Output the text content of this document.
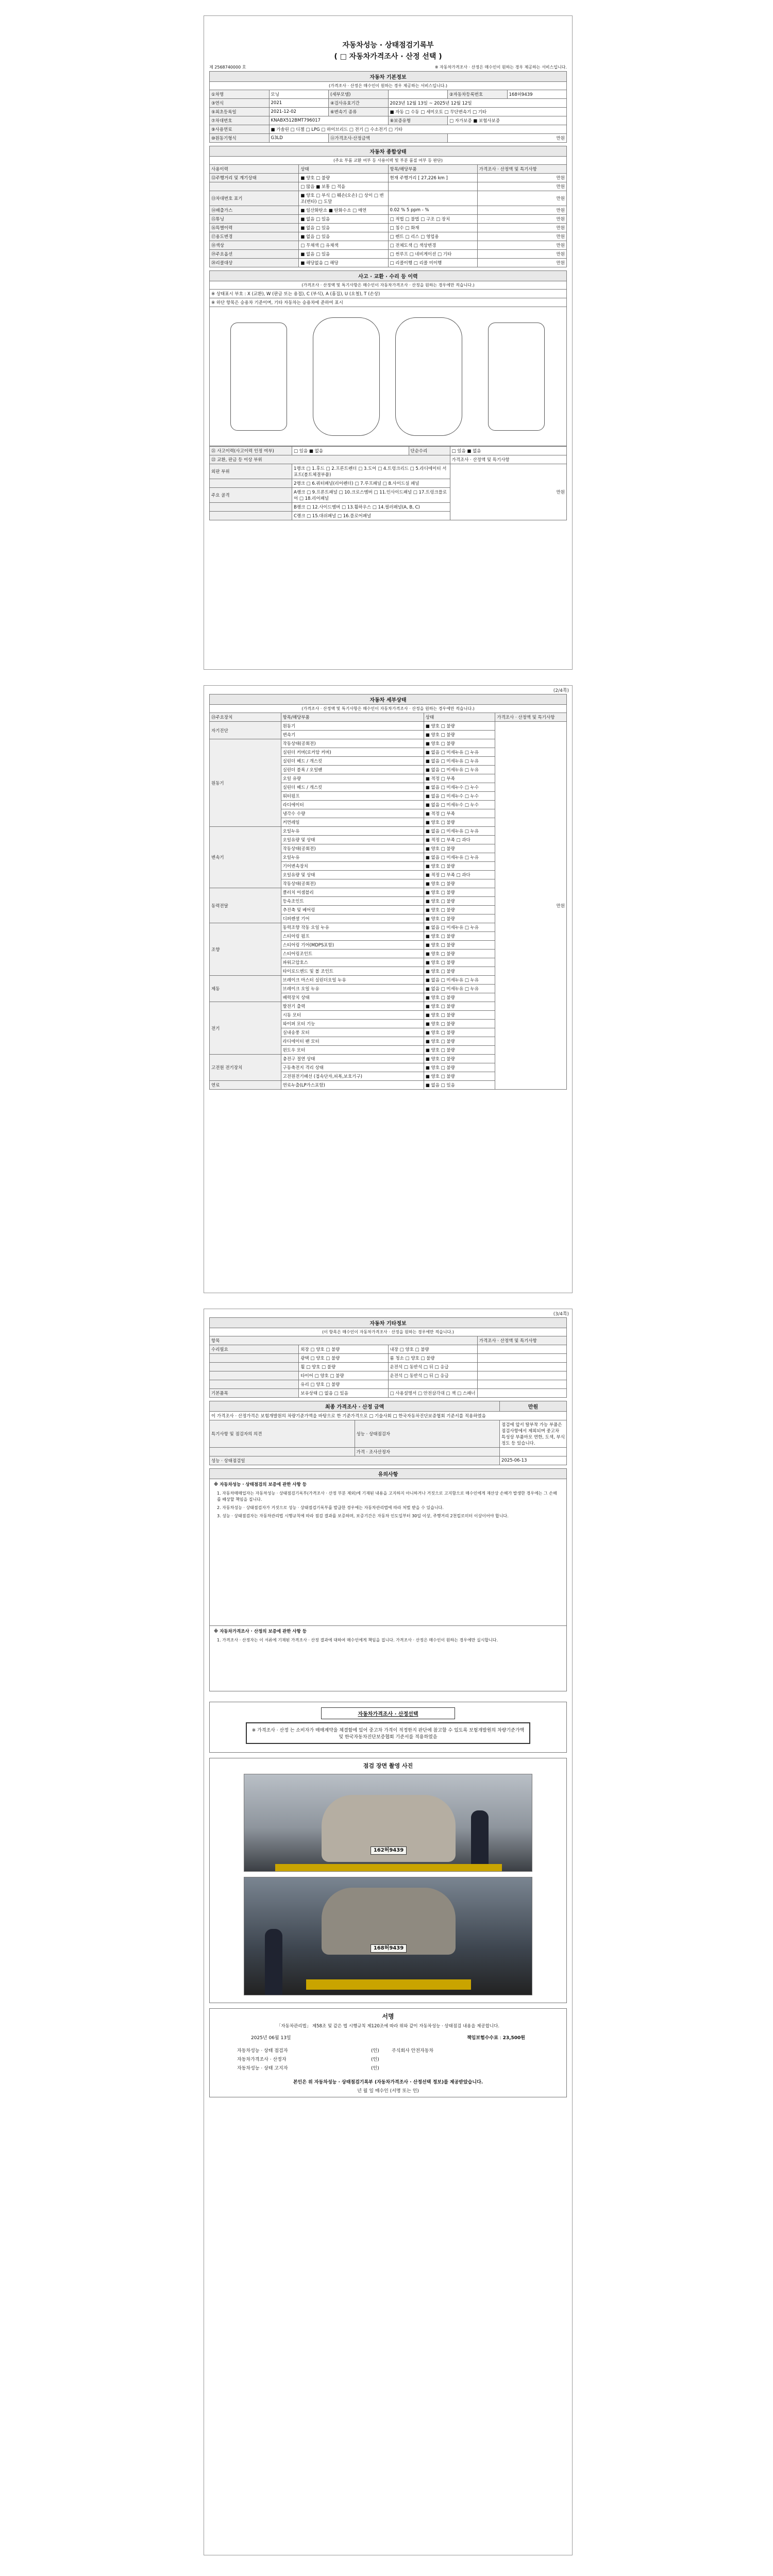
자동차성능 · 상태점검기록부
( □ 자동차가격조사 · 산정 선택 )
제 2568740000 호	※ 자동차가격조사 · 산정은 매수인이 원하는 경우 제공하는 서비스입니다.
자동차 기본정보					
(가격조사 · 산정은 매수인이 원하는 경우 제공하는 서비스입니다.)					
①차명	모닝	(세부모델)		②자동차등록번호	168허9439
③연식	2021	④검사유효기간	2023년 12월 13일 ~ 2025년 12월 12일		
⑤최초등록일	2021-12-02	⑥변속기 종류	■ 자동 □ 수동 □ 세미오토 □ 무단변속기 □ 기타		
⑦차대번호	KNABX512BMT796017		⑧보증유형	□ 자가보증 ■ 보험사보증	
⑨사용연료	■ 가솔린 □ 디젤 □ LPG □ 하이브리드 □ 전기 □ 수소전기 □ 기타				
⑩원동기형식	G3LD	⑪가격조사·산정금액		만원	
자동차 종합상태			
(주요 부품 교환 여부 등 사용이력 및 부분 품질 여부 등 판단)			
사용이력	상태	항목/해당부품	가격조사 · 산정액 및 특기사항
⑫주행거리 및 계기상태	■ 양호 □ 불량	현재 주행거리 [ 27,226 km ]	만원
	□ 많음 ■ 보통 □ 적음		만원
⑬차대번호 표기	■ 양호 □ 부식 □ 훼손(오손) □ 상이 □ 변조(변타) □ 도말		만원
⑭배출가스	■ 일산화탄소 ■ 탄화수소 □ 매연	0.02 % 5 ppm - %	만원
⑮튜닝	■ 없음 □ 있음	□ 적법 □ 불법 □ 구조 □ 장치	만원
⑯특별이력	■ 없음 □ 있음	□ 침수 □ 화재	만원
⑰용도변경	■ 없음 □ 있음	□ 렌트 □ 리스 □ 영업용	만원
⑱색상	□ 무채색 □ 유채색	□ 전체도색 □ 색상변경	만원
⑲주요옵션	■ 없음 □ 있음	□ 썬루프 □ 네비게이션 □ 기타	만원
⑳리콜대상	■ 해당없음 □ 해당	□ 리콜이행 □ 리콜 미이행	만원
사고 · 교환 · 수리 등 이력
(가격조사 · 산정액 및 특기사항은 매수인이 자동차가격조사 · 산정을 원하는 경우에만 적습니다.)
※ 상태표시 부호 : X (교환), W (판금 또는 용접), C (부식), A (흠집), U (요철), T (손상)
※ 하단 항목은 승용차 기준이며, 기타 자동차는 승용차에 준하여 표시
㉑ 사고이력(사고이력 인정 여부)	□ 있음 ■ 없음	단순수리	□ 있음 ■ 없음
㉒ 교환, 판금 등 이상 부위			가격조사 · 산정액 및 특기사항
외판 부위	1랭크 □ 1.후드 □ 2.프론트펜더 □ 3.도어 □ 4.트렁크리드 □ 5.라디에이터 서포트(볼트체결부품)		만원
	2랭크 □ 6.쿼터패널(리어펜더) □ 7.루프패널 □ 8.사이드실 패널		
주요 골격	A랭크 □ 9.프론트패널 □ 10.크로스멤버 □ 11.인사이드패널 □ 17.트렁크플로어 □ 18.리어패널		
	B랭크 □ 12.사이드멤버 □ 13.휠하우스 □ 14.필러패널(A, B, C)		
	C랭크 □ 15.대쉬패널 □ 16.플로어패널		
(2/4쪽)
자동차 세부상태			
(가격조사 · 산정액 및 특기사항은 매수인이 자동차가격조사 · 산정을 원하는 경우에만 적습니다.)			
㉓주요장치	항목/해당부품	상태	가격조사 · 산정액 및 특기사항
자기진단	원동기	■ 양호 □ 불량	만원
	변속기	■ 양호 □ 불량	
원동기	작동상태(공회전)	■ 양호 □ 불량	
	실린더 커버(로커암 커버)	■ 없음 □ 미세누유 □ 누유	
	실린더 헤드 / 개스킷	■ 없음 □ 미세누유 □ 누유	
	실린더 블록 / 오일팬	■ 없음 □ 미세누유 □ 누유	
	오일 유량	■ 적정 □ 부족	
	실린더 헤드 / 개스킷	■ 없음 □ 미세누수 □ 누수	
	워터펌프	■ 없음 □ 미세누수 □ 누수	
	라디에이터	■ 없음 □ 미세누수 □ 누수	
	냉각수 수량	■ 적정 □ 부족	
	커먼레일	■ 양호 □ 불량	
변속기	오일누유	■ 없음 □ 미세누유 □ 누유	
	오일유량 및 상태	■ 적정 □ 부족 □ 과다	
	작동상태(공회전)	■ 양호 □ 불량	
	오일누유	■ 없음 □ 미세누유 □ 누유	
	기어변속장치	■ 양호 □ 불량	
	오일유량 및 상태	■ 적정 □ 부족 □ 과다	
	작동상태(공회전)	■ 양호 □ 불량	
동력전달	클러치 어셈블리	■ 양호 □ 불량	
	등속조인트	■ 양호 □ 불량	
	추진축 및 베어링	■ 양호 □ 불량	
	디퍼렌셜 기어	■ 양호 □ 불량	
조향	동력조향 작동 오일 누유	■ 없음 □ 미세누유 □ 누유	
	스티어링 펌프	■ 양호 □ 불량	
	스티어링 기어(MDPS포함)	■ 양호 □ 불량	
	스티어링조인트	■ 양호 □ 불량	
	파워고압호스	■ 양호 □ 불량	
	타이로드엔드 및 볼 조인트	■ 양호 □ 불량	
제동	브레이크 마스터 실린더오일 누유	■ 없음 □ 미세누유 □ 누유	
	브레이크 오일 누유	■ 없음 □ 미세누유 □ 누유	
	배력장치 상태	■ 양호 □ 불량	
전기	발전기 출력	■ 양호 □ 불량	
	시동 모터	■ 양호 □ 불량	
	와이퍼 모터 기능	■ 양호 □ 불량	
	실내송풍 모터	■ 양호 □ 불량	
	라디에이터 팬 모터	■ 양호 □ 불량	
	윈도우 모터	■ 양호 □ 불량	
고전원 전기장치	충전구 절연 상태	■ 양호 □ 불량	
	구동축전지 격리 상태	■ 양호 □ 불량	
	고전원전기배선 (접속단자,피복,보호기구)	■ 양호 □ 불량	
연료	연료누출(LP가스포함)	■ 없음 □ 있음	
(3/4쪽)
자동차 기타정보			
(이 항목은 매수인이 자동차가격조사 · 산정을 원하는 경우에만 적습니다.)			
항목			가격조사 · 산정액 및 특기사항
수리필요	외장 □ 양호 □ 불량	내장 □ 양호 □ 불량	
	광택 □ 양호 □ 불량	룸 청소 □ 양호 □ 불량	
	휠 □ 양호 □ 불량	운전석 □ 동반석 □ 뒤 □ 응급	
	타이어 □ 양호 □ 불량	운전석 □ 동반석 □ 뒤 □ 응급	
	유리 □ 양호 □ 불량		
기본품목	보유상태 □ 없음 □ 있음	□ 사용설명서 □ 안전삼각대 □ 잭 □ 스패너	
최종 가격조사 · 산정 금액		만원
이 가격조사 · 산정가격은 보험개발원의 차량기준가액을 바탕으로 한 기준가격으로 □ 기술사회 □ 한국자동차진단보증협회 기준서를 적용하였음		
특기사항 및 점검자의 의견	성능 · 상태점검자	점검에 앞서 탈부착 가능 부품은 점검사항에서 제외되며 중고차 특성상 부품마모 연한, 도색, 부식정도 등 있습니다.
	가격 · 조사산정자	
성능 · 상태점검일		2025-06-13
유의사항
※ 자동차성능 · 상태점검의 보증에 관한 사항 등
1. 자동차매매업자는 자동차성능 · 상태점검기록부(가격조사 · 산정 부분 제외)에 기재된 내용을 고지하지 아니하거나 거짓으로 고지함으로 매수인에게 재산상 손해가 발생한 경우에는 그 손해를 배상할 책임을 집니다.
2. 자동차성능 · 상태점검자가 거짓으로 성능 · 상태점검기록부를 발급한 경우에는 자동차관리법에 따라 처벌 받을 수 있습니다.
3. 성능 · 상태점검자는 자동차관리법 시행규칙에 따라 점검 결과를 보증하며, 보증기간은 자동차 인도일부터 30일 이상, 주행거리 2천킬로미터 이상이어야 합니다.
※ 자동차가격조사 · 산정의 보증에 관한 사항 등
1. 가격조사 · 산정자는 이 서류에 기재된 가격조사 · 산정 결과에 대하여 매수인에게 책임을 집니다. 가격조사 · 산정은 매수인이 원하는 경우에만 실시합니다.
자동차가격조사 · 산정선택
※ 가격조사 · 산정 는 소비자가 매매계약을 체결함에 있어 중고차 가격이 적정한지 판단에 참고할 수 있도록 보험개발원의 차량기준가액 및 한국자동차진단보증협회 기준서를 적용하였음
점검 장면 촬영 사진
162허9439
168허9439
서명
「자동차관리법」 제58조 및 같은 법 시행규칙 제120조에 따라 위와 같이 자동차성능 · 상태점검 내용을 제공합니다.
2025년 06월 13일	책임보험수수료 : 23,500원
자동차성능 · 상태 점검자	(인)	주식회사 안전자동차
자동차가격조사 · 산정자	(인)	
자동차성능 · 상태 고지자	(인)	
본인은 위 자동차성능 · 상태점검기록부 (자동차가격조사 · 산정선택 정보)를 제공받았습니다.
년 월 일 매수인 (서명 또는 인)
